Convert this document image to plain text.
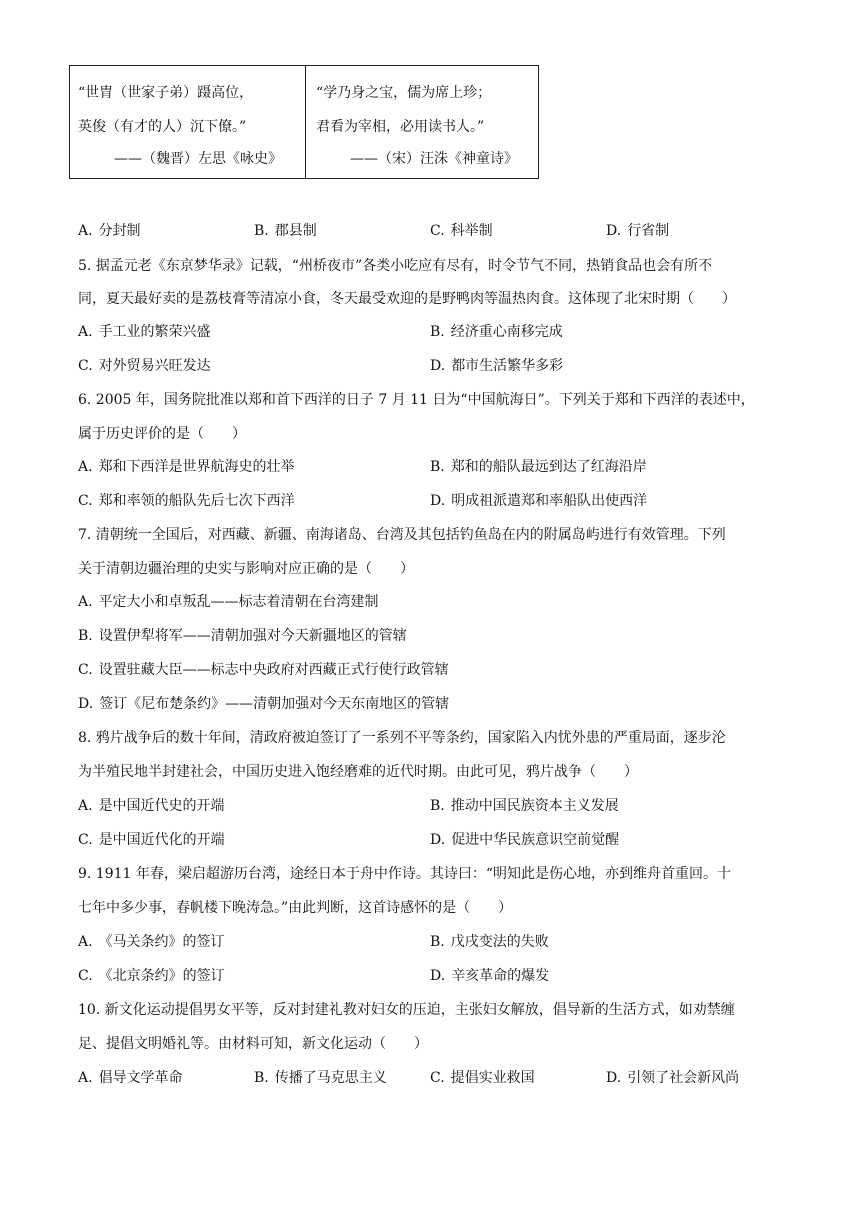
“世胄（世家子弟）蹑高位，
英俊（有才的人）沉下僚。”
——（魏晋）左思《咏史》
“学乃身之宝，儒为席上珍；
君看为宰相，必用读书人。”
——（宋）汪洙《神童诗》
A. 分封制	B. 郡县制	C. 科举制	D. 行省制
5. 据孟元老《东京梦华录》记载，“州桥夜市”各类小吃应有尽有，时令节气不同，热销食品也会有所不
同，夏天最好卖的是荔枝膏等清凉小食，冬天最受欢迎的是野鸭肉等温热肉食。这体现了北宋时期（　　）
A. 手工业的繁荣兴盛	B. 经济重心南移完成
C. 对外贸易兴旺发达	D. 都市生活繁华多彩
6. 2005 年，国务院批准以郑和首下西洋的日子 7 月 11 日为“中国航海日”。下列关于郑和下西洋的表述中，
属于历史评价的是（　　）
A. 郑和下西洋是世界航海史的壮举	B. 郑和的船队最远到达了红海沿岸
C. 郑和率领的船队先后七次下西洋	D. 明成祖派遣郑和率船队出使西洋
7. 清朝统一全国后，对西藏、新疆、南海诸岛、台湾及其包括钓鱼岛在内的附属岛屿进行有效管理。下列
关于清朝边疆治理的史实与影响对应正确的是（　　）
A. 平定大小和卓叛乱——标志着清朝在台湾建制
B. 设置伊犁将军——清朝加强对今天新疆地区的管辖
C. 设置驻藏大臣——标志中央政府对西藏正式行使行政管辖
D. 签订《尼布楚条约》——清朝加强对今天东南地区的管辖
8. 鸦片战争后的数十年间，清政府被迫签订了一系列不平等条约，国家陷入内忧外患的严重局面，逐步沦
为半殖民地半封建社会，中国历史进入饱经磨难的近代时期。由此可见，鸦片战争（　　）
A. 是中国近代史的开端	B. 推动中国民族资本主义发展
C. 是中国近代化的开端	D. 促进中华民族意识空前觉醒
9. 1911 年春，梁启超游历台湾，途经日本于舟中作诗。其诗曰：“明知此是伤心地，亦到维舟首重回。十
七年中多少事，春帆楼下晚涛急。”由此判断，这首诗感怀的是（　　）
A. 《马关条约》的签订	B. 戊戌变法的失败
C. 《北京条约》的签订	D. 辛亥革命的爆发
10. 新文化运动提倡男女平等，反对封建礼教对妇女的压迫，主张妇女解放，倡导新的生活方式，如劝禁缠
足、提倡文明婚礼等。由材料可知，新文化运动（　　）
A. 倡导文学革命	B. 传播了马克思主义	C. 提倡实业救国	D. 引领了社会新风尚
